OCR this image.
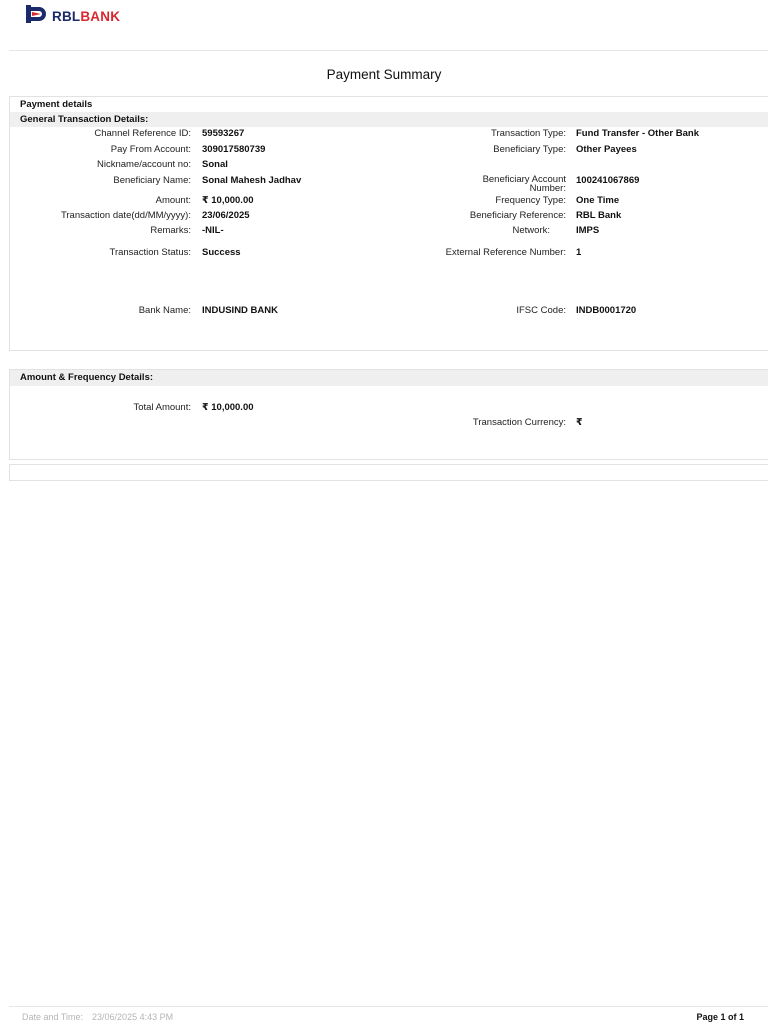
RBLBANK
Payment Summary
Payment details
General Transaction Details:
Channel Reference ID: 59593267
Pay From Account: 309017580739
Nickname/account no: Sonal
Beneficiary Name: Sonal Mahesh Jadhav
Amount: ₹ 10,000.00
Transaction date(dd/MM/yyyy): 23/06/2025
Remarks: -NIL-
Transaction Status: Success
Bank Name: INDUSIND BANK
Transaction Type: Fund Transfer - Other Bank
Beneficiary Type: Other Payees
Beneficiary Account
Number:
100241067869
Frequency Type: One Time
Beneficiary Reference: RBL Bank
Network:	IMPS
External Reference Number: 1
IFSC Code: INDB0001720
Amount & Frequency Details:
Total Amount: ₹ 10,000.00
Transaction Currency: ₹
Date and Time: 23/06/2025 4:43 PM	Page 1 of 1
